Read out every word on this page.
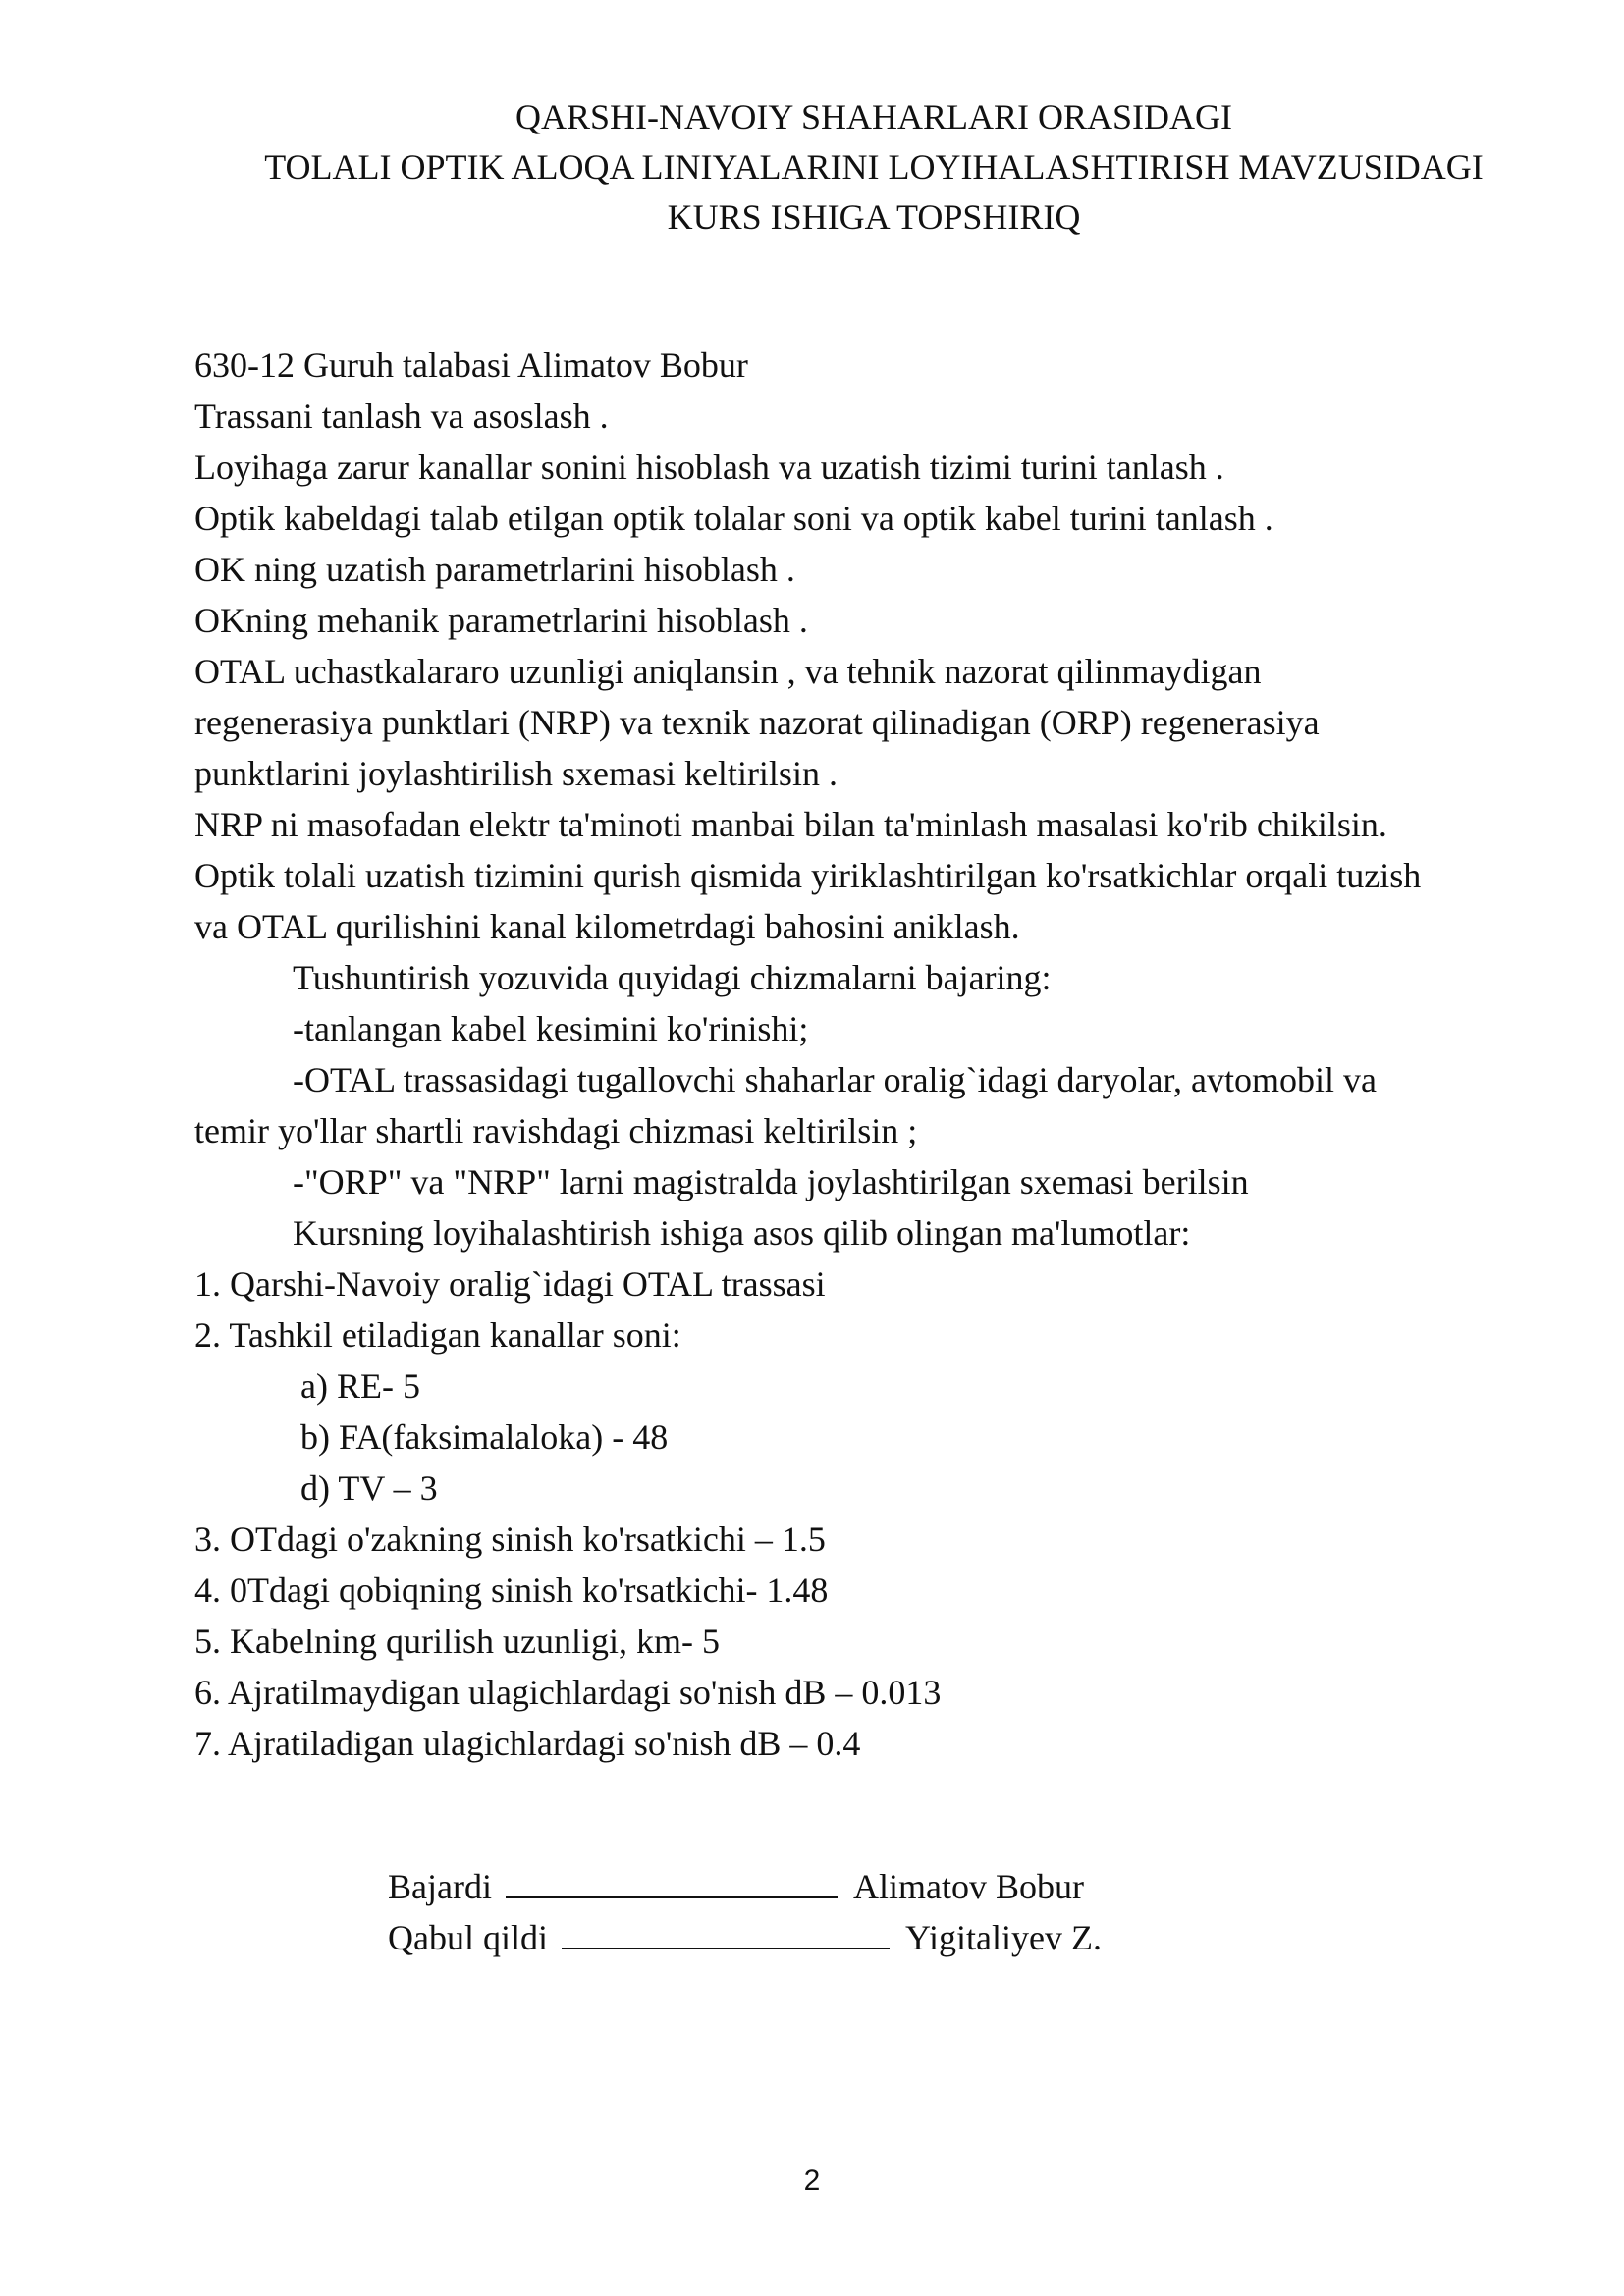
QARSHI-NAVOIY SHAHARLARI ORASIDAGI
TOLALI OPTIK ALOQA LINIYALARINI LOYIHALASHTIRISH MAVZUSIDAGI
KURS ISHIGA TOPSHIRIQ
630-12 Guruh talabasi Alimatov Bobur
Trassani tanlash va asoslash .
Loyihaga zarur kanallar sonini hisoblash va uzatish tizimi turini tanlash .
Optik kabeldagi talab etilgan optik tolalar soni va optik kabel turini tanlash .
OK ning uzatish parametrlarini hisoblash .
OKning mehanik parametrlarini hisoblash .
OTAL uchastkalararo uzunligi aniqlansin , va tehnik nazorat qilinmaydigan
regenerasiya punktlari (NRP) va texnik nazorat qilinadigan (ORP) regenerasiya
punktlarini joylashtirilish sxemasi keltirilsin .
NRP ni masofadan elektr ta'minoti manbai bilan ta'minlash masalasi ko'rib chikilsin.
Optik tolali uzatish tizimini qurish qismida yiriklashtirilgan ko'rsatkichlar orqali tuzish
va OTAL qurilishini kanal kilometrdagi bahosini aniklash.
Tushuntirish yozuvida quyidagi chizmalarni bajaring:
-tanlangan kabel kesimini ko'rinishi;
-OTAL trassasidagi tugallovchi shaharlar oralig`idagi daryolar, avtomobil va
temir yo'llar shartli ravishdagi chizmasi keltirilsin ;
-"ORP" va "NRP" larni magistralda joylashtirilgan sxemasi berilsin
Kursning loyihalashtirish ishiga asos qilib olingan ma'lumotlar:
1. Qarshi-Navoiy oralig`idagi OTAL trassasi
2. Tashkil etiladigan kanallar soni:
a) RE- 5
b) FA(faksimalaloka) - 48
d) TV – 3
3. OTdagi o'zakning sinish ko'rsatkichi – 1.5
4. 0Tdagi qobiqning sinish ko'rsatkichi- 1.48
5. Kabelning qurilish uzunligi, km- 5
6. Ajratilmaydigan ulagichlardagi so'nish dB – 0.013
7. Ajratiladigan ulagichlardagi so'nish dB – 0.4
Bajardi	Alimatov Bobur
Qabul qildi	Yigitaliyev Z.
2
